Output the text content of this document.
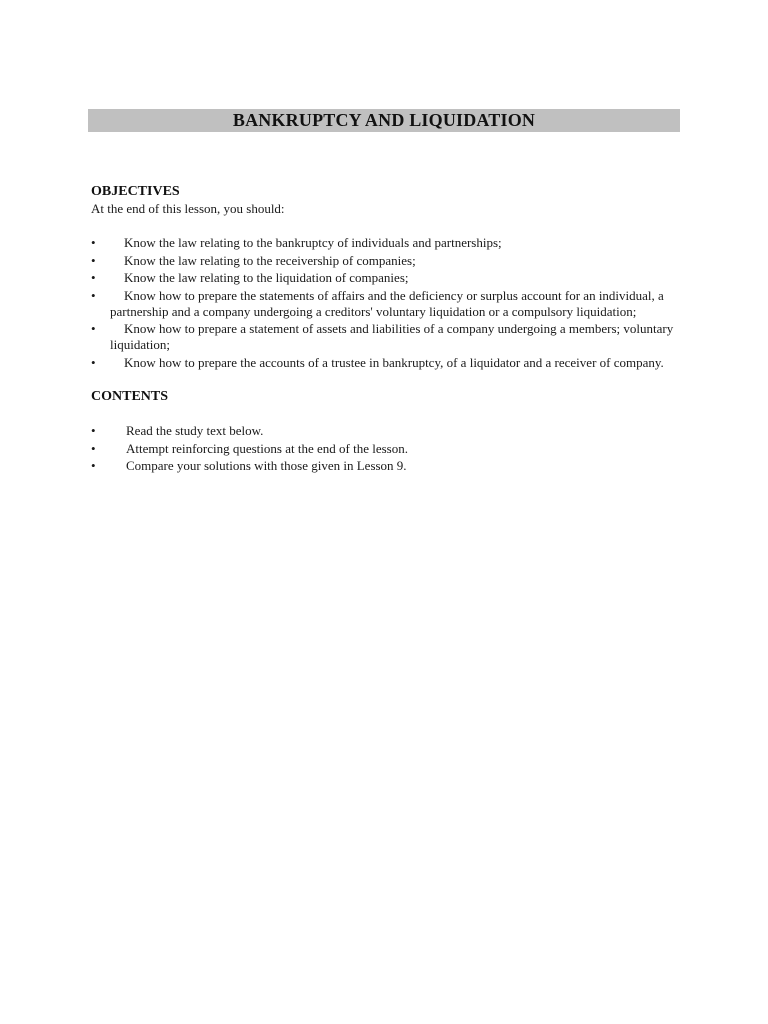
BANKRUPTCY AND LIQUIDATION

OBJECTIVES

At the end of this lesson, you should:

•	Know the law relating to the bankruptcy of individuals and partnerships;
•	Know the law relating to the receivership of companies;
•	Know the law relating to the liquidation of companies;
•	Know how to prepare the statements of affairs and the deficiency or surplus account for an individual, a
partnership and a company undergoing a creditors' voluntary liquidation or a compulsory liquidation;
•	Know how to prepare a statement of assets and liabilities of a company undergoing a members; voluntary
liquidation;
•	Know how to prepare the accounts of a trustee in bankruptcy, of a liquidator and a receiver of company.

CONTENTS

•	Read the study text below.
•	Attempt reinforcing questions at the end of the lesson.
•	Compare your solutions with those given in Lesson 9.
